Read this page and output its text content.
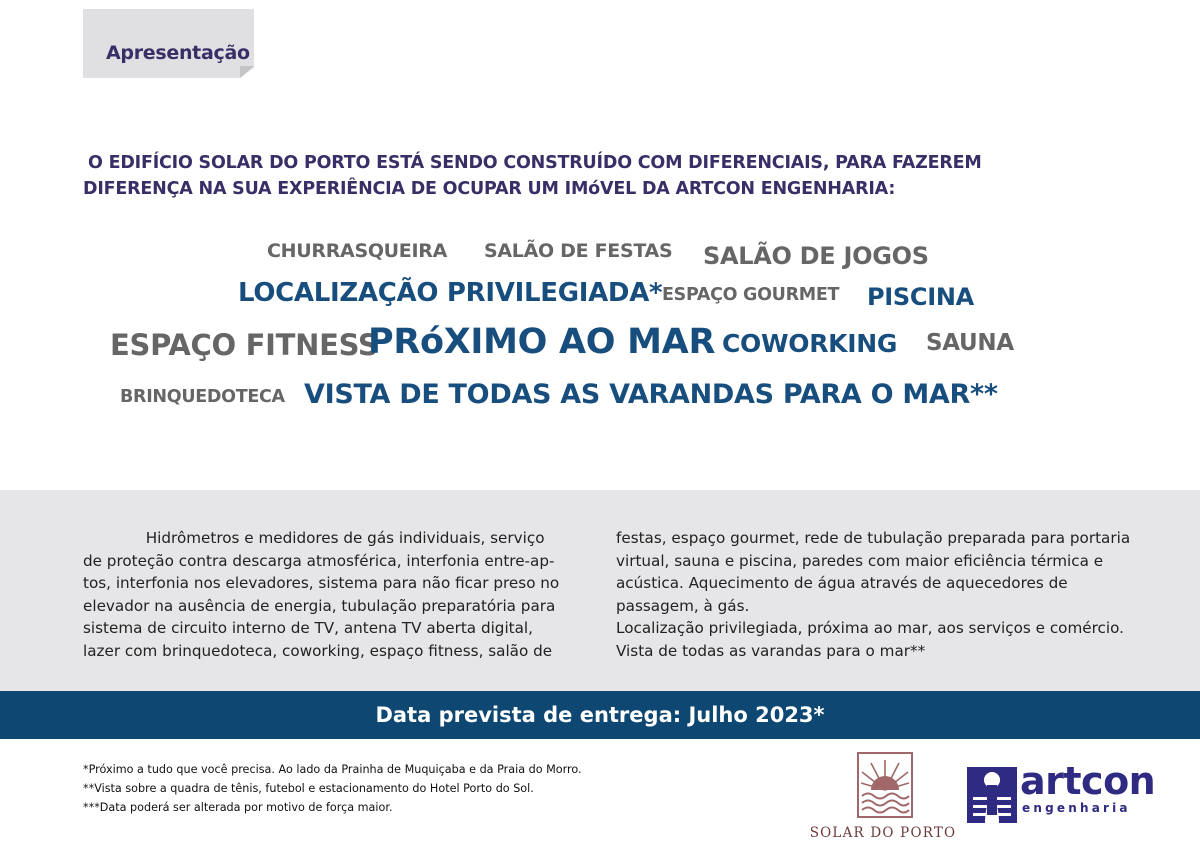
Apresentação
O EDIFÍCIO SOLAR DO PORTO ESTÁ SENDO CONSTRUÍDO COM DIFERENCIAIS, PARA FAZEREM
DIFERENÇA NA SUA EXPERIÊNCIA DE OCUPAR UM IMóVEL DA ARTCON ENGENHARIA:
CHURRASQUEIRA SALÃO DE FESTAS SALÃO DE JOGOS
LOCALIZAÇÃO PRIVILEGIADA* ESPAÇO GOURMET PISCINA
ESPAÇO FITNESS
PRóXIMO AO MAR COWORKING SAUNA
BRINQUEDOTECA VISTA DE TODAS AS VARANDAS PARA O MAR**
Hidrômetros e medidores de gás individuais, serviço
de proteção contra descarga atmosférica, interfonia entre-ap-
tos, interfonia nos elevadores, sistema para não ficar preso no
elevador na ausência de energia, tubulação preparatória para
sistema de circuito interno de TV, antena TV aberta digital,
lazer com brinquedoteca, coworking, espaço fitness, salão de
festas, espaço gourmet, rede de tubulação preparada para portaria
virtual, sauna e piscina, paredes com maior eficiência térmica e
acústica. Aquecimento de água através de aquecedores de
passagem, à gás.
Localização privilegiada, próxima ao mar, aos serviços e comércio.
Vista de todas as varandas para o mar**
Data prevista de entrega: Julho 2023*
*Próximo a tudo que você precisa. Ao lado da Prainha de Muquiçaba e da Praia do Morro.
**Vista sobre a quadra de tênis, futebol e estacionamento do Hotel Porto do Sol.
***Data poderá ser alterada por motivo de força maior.
SOLAR DO PORTO
artcon
engenharia
